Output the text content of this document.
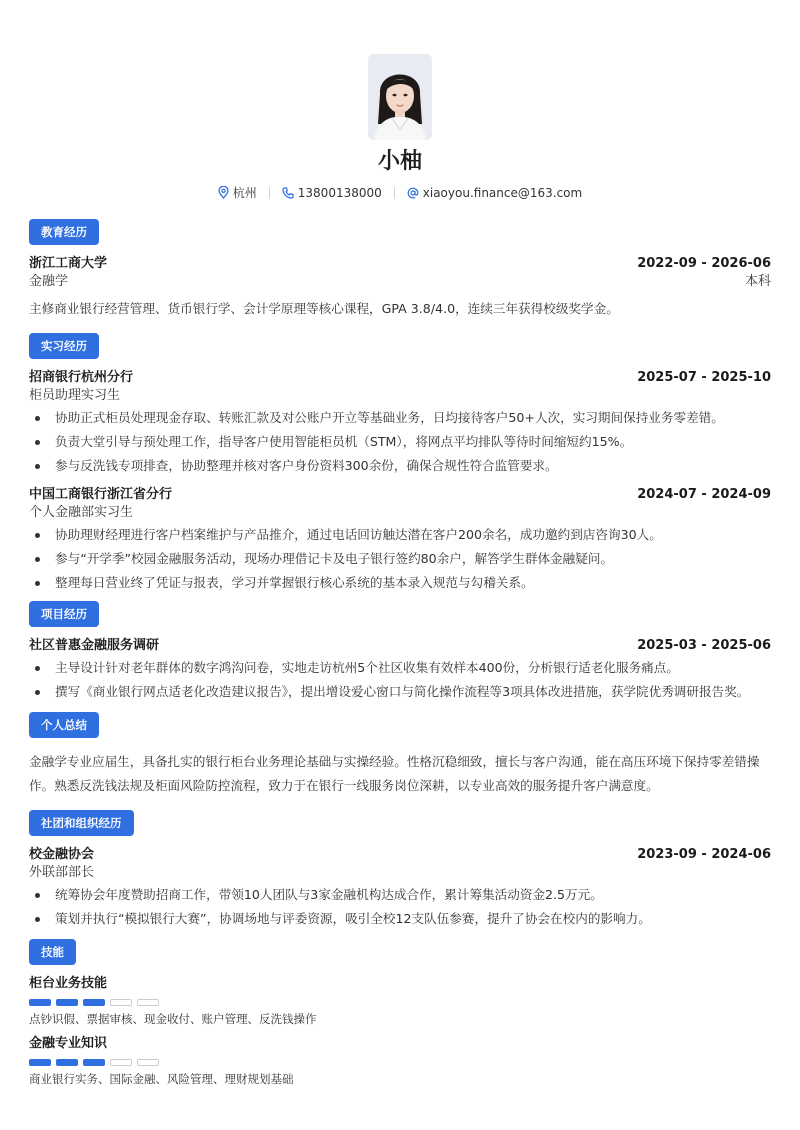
小柚
杭州	13800138000	xiaoyou.finance@163.com
教育经历
浙江工商大学	2022-09 - 2026-06
金融学	本科
主修商业银行经营管理、货币银行学、会计学原理等核心课程，GPA 3.8/4.0，连续三年获得校级奖学金。
实习经历
招商银行杭州分行	2025-07 - 2025-10
柜员助理实习生
协助正式柜员处理现金存取、转账汇款及对公账户开立等基础业务，日均接待客户50+人次，实习期间保持业务零差错。
负责大堂引导与预处理工作，指导客户使用智能柜员机（STM），将网点平均排队等待时间缩短约15%。
参与反洗钱专项排查，协助整理并核对客户身份资料300余份，确保合规性符合监管要求。
中国工商银行浙江省分行	2024-07 - 2024-09
个人金融部实习生
协助理财经理进行客户档案维护与产品推介，通过电话回访触达潜在客户200余名，成功邀约到店咨询30人。
参与“开学季”校园金融服务活动，现场办理借记卡及电子银行签约80余户，解答学生群体金融疑问。
整理每日营业终了凭证与报表，学习并掌握银行核心系统的基本录入规范与勾稽关系。
项目经历
社区普惠金融服务调研	2025-03 - 2025-06
主导设计针对老年群体的数字鸿沟问卷，实地走访杭州5个社区收集有效样本400份，分析银行适老化服务痛点。
撰写《商业银行网点适老化改造建议报告》，提出增设爱心窗口与简化操作流程等3项具体改进措施，获学院优秀调研报告奖。
个人总结
金融学专业应届生，具备扎实的银行柜台业务理论基础与实操经验。性格沉稳细致，擅长与客户沟通，能在高压环境下保持零差错操作。熟悉反洗钱法规及柜面风险防控流程，致力于在银行一线服务岗位深耕，以专业高效的服务提升客户满意度。
社团和组织经历
校金融协会	2023-09 - 2024-06
外联部部长
统筹协会年度赞助招商工作，带领10人团队与3家金融机构达成合作，累计筹集活动资金2.5万元。
策划并执行“模拟银行大赛”，协调场地与评委资源，吸引全校12支队伍参赛，提升了协会在校内的影响力。
技能
柜台业务技能
点钞识假、票据审核、现金收付、账户管理、反洗钱操作
金融专业知识
商业银行实务、国际金融、风险管理、理财规划基础
